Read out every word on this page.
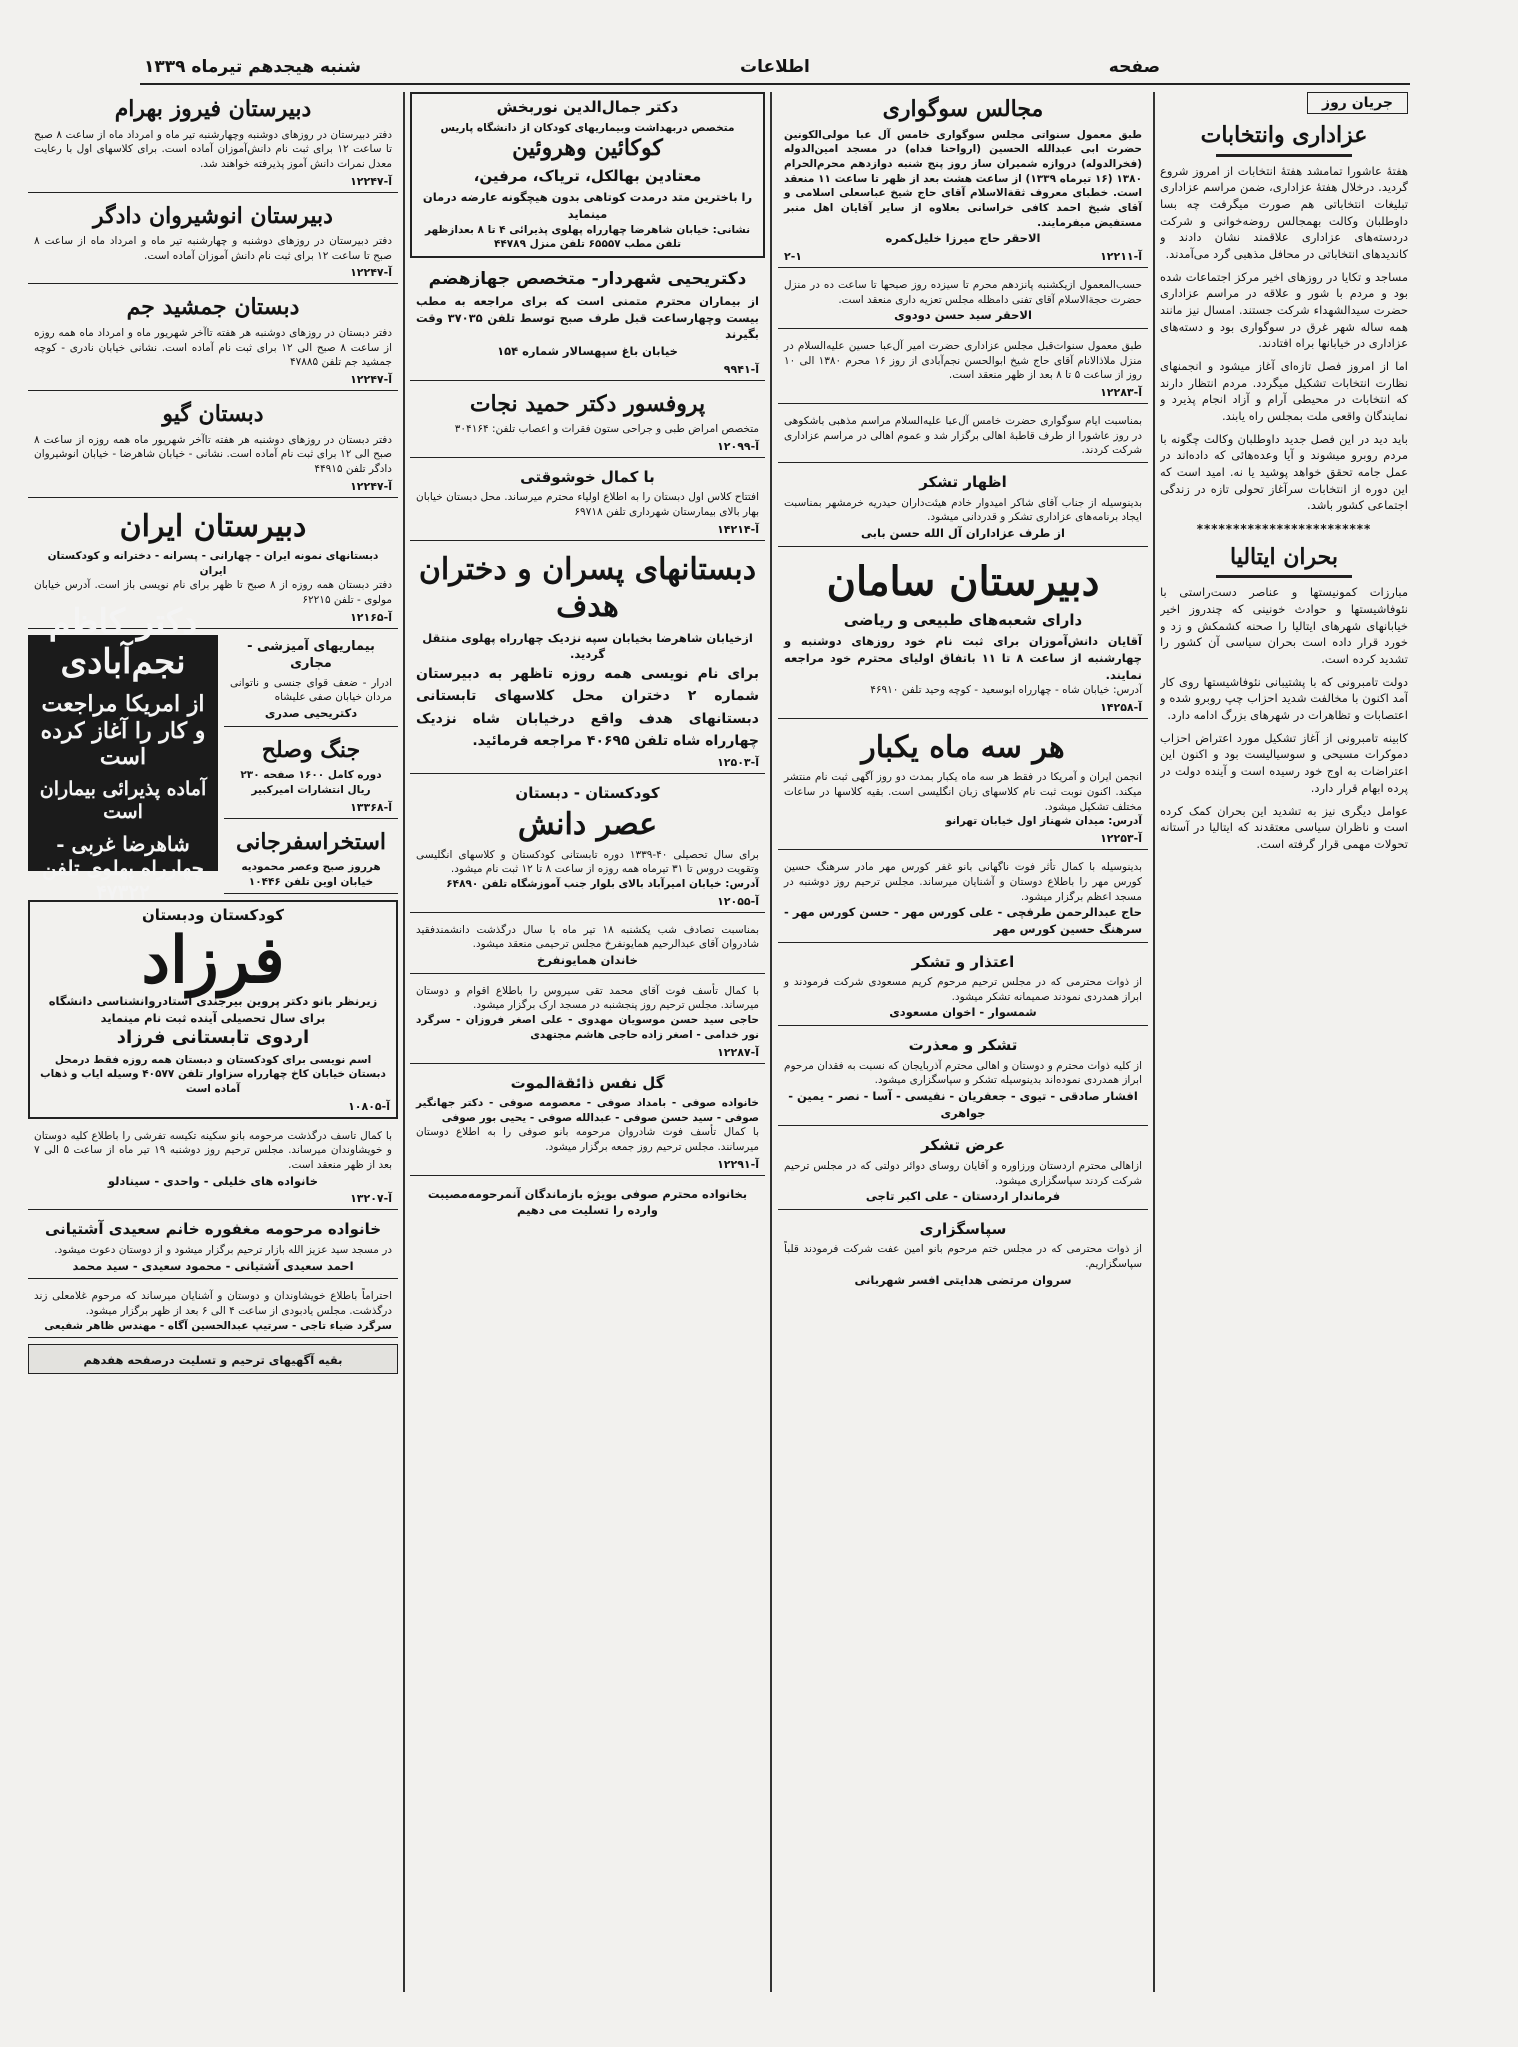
شنبه هیجدهم تیرماه ۱۳۳۹	اطلاعات	صفحه
جریان روز
عزاداری وانتخابات

هفتهٔ عاشورا تمامشد هفتهٔ انتخابات از امروز شروع گردید. درخلال هفتهٔ عزاداری، ضمن مراسم عزاداری تبلیغات انتخاباتی هم صورت میگرفت چه بسا داوطلبان وکالت بهمجالس روضه‌خوانی و شرکت دردسته‌های عزاداری علاقمند نشان دادند و کاندیدهای انتخاباتی در محافل مذهبی گرد می‌آمدند.

مساجد و تکایا در روزهای اخیر مرکز اجتماعات شده بود و مردم با شور و علاقه در مراسم عزاداری حضرت سیدالشهداء شرکت جستند. امسال نیز مانند همه ساله شهر غرق در سوگواری بود و دسته‌های عزاداری در خیابانها براه افتادند.

اما از امروز فصل تازه‌ای آغاز میشود و انجمنهای نظارت انتخابات تشکیل میگردد. مردم انتظار دارند که انتخابات در محیطی آرام و آزاد انجام پذیرد و نمایندگان واقعی ملت بمجلس راه یابند.

باید دید در این فصل جدید داوطلبان وکالت چگونه با مردم روبرو میشوند و آیا وعده‌هائی که داده‌اند در عمل جامه تحقق خواهد پوشید یا نه. امید است که این دوره از انتخابات سرآغاز تحولی تازه در زندگی اجتماعی کشور باشد.

************************
بحران ایتالیا

مبارزات کمونیستها و عناصر دست‌راستی با نئوفاشیستها و حوادث خونینی که چندروز اخیر خیابانهای شهرهای ایتالیا را صحنه کشمکش و زد و خورد قرار داده است بحران سیاسی آن کشور را تشدید کرده است.

دولت تامبرونی که با پشتیبانی نئوفاشیستها روی کار آمد اکنون با مخالفت شدید احزاب چپ روبرو شده و اعتصابات و تظاهرات در شهرهای بزرگ ادامه دارد.

کابینه تامبرونی از آغاز تشکیل مورد اعتراض احزاب دموکرات مسیحی و سوسیالیست بود و اکنون این اعتراضات به اوج خود رسیده است و آینده دولت در پرده ابهام قرار دارد.

عوامل دیگری نیز به تشدید این بحران کمک کرده است و ناظران سیاسی معتقدند که ایتالیا در آستانه تحولات مهمی قرار گرفته است.

مجالس سوگواری

طبق معمول سنواتی مجلس سوگواری خامس آل عبا مولی‌الکونین حضرت ابی عبدالله الحسین (ارواحنا فداه) در مسجد امین‌الدوله (فخرالدوله) دروازه شمیران ساز روز پنج شنبه دوازدهم محرم‌الحرام ۱۳۸۰ (۱۶ تیرماه ۱۳۳۹) از ساعت هشت بعد از ظهر تا ساعت ۱۱ منعقد است. خطبای معروف ثقةالاسلام آقای حاج شیخ عباسعلی اسلامی و آقای شیخ احمد کافی خراسانی بعلاوه از سایر آقایان اهل منبر مستفیض میفرمایند.

الاحقر حاج میرزا خلیل‌کمره
آ-۱۲۲۱۱
۲-۱

حسب‌المعمول ازیکشنبه پانزدهم محرم تا سیزده روز صبحها تا ساعت ده در منزل حضرت حجةالاسلام آقای تفنی دامظله مجلس تعزیه داری منعقد است.

الاحقر سید حسن دودوی

طبق معمول سنوات‌قبل مجلس عزاداری حضرت امیر آل‌عبا حسین علیه‌السلام در منزل ملاذالانام آقای حاج شیخ ابوالحسن نجم‌آبادی از روز ۱۶ محرم ۱۳۸۰ الی ۱۰ روز از ساعت ۵ تا ۸ بعد از ظهر منعقد است.

آ-۱۲۲۸۳

بمناسبت ایام سوگواری حضرت خامس آل‌عبا علیه‌السلام مراسم مذهبی باشکوهی در روز عاشورا از طرف قاطبهٔ اهالی برگزار شد و عموم اهالی در مراسم عزاداری شرکت کردند.

اظهار تشکر

بدینوسیله از جناب آقای شاکر امیدوار خادم هیئت‌داران حیدریه خرمشهر بمناسبت ایجاد برنامه‌های عزاداری تشکر و قدردانی میشود.

از طرف عزاداران آل الله حسن بابی
دبیرستان سامان
دارای شعبه‌های طبیعی و ریاضی

آقایان دانش‌آموزان برای ثبت نام خود روزهای دوشنبه و چهارشنبه از ساعت ۸ تا ۱۱ باتفاق اولیای محترم خود مراجعه نمایند.

آدرس: خیابان شاه - چهارراه ابوسعید - کوچه وحید تلفن ۴۶۹۱۰
آ-۱۴۲۵۸
هر سه ماه یکبار

انجمن ایران و آمریکا در فقط هر سه ماه یکبار بمدت دو روز آگهی ثبت نام منتشر میکند. اکنون نوبت ثبت نام کلاسهای زبان انگلیسی است. بقیه کلاسها در ساعات مختلف تشکیل میشود.

آدرس: میدان شهناز اول خیابان تهرانو
آ-۱۲۲۵۳

بدینوسیله با کمال تأثر فوت ناگهانی بانو غفر کورس مهر مادر سرهنگ حسین کورس مهر را باطلاع دوستان و آشنایان میرساند. مجلس ترحیم روز دوشنبه در مسجد اعظم برگزار میشود.

حاج عبدالرحمن طرفچی - علی کورس مهر - حسن کورس مهر - سرهنگ حسین کورس مهر
اعتذار و تشکر

از ذوات محترمی که در مجلس ترحیم مرحوم کریم مسعودی شرکت فرمودند و ابراز همدردی نمودند صمیمانه تشکر میشود.

شمسوار - اخوان مسعودی
تشکر و معذرت

از کلیه ذوات محترم و دوستان و اهالی محترم آذربایجان که نسبت به فقدان مرحوم ابراز همدردی نموده‌اند بدینوسیله تشکر و سپاسگزاری میشود.

افشار صادقی - تیوی - جعفریان - نفیسی - آسا - نصر - یمین - جواهری
عرض تشکر

ازاهالی محترم اردستان ورزاوره و آقایان روسای دوائر دولتی که در مجلس ترحیم شرکت کردند سپاسگزاری میشود.

فرماندار اردستان - علی اکبر تاجی
سپاسگزاری

از ذوات محترمی که در مجلس ختم مرحوم بانو امین عفت شرکت فرمودند قلباً سپاسگزاریم.

سروان مرتضی هدایتی افسر شهربانی
دکتر جمال‌الدین نوربخش
متخصص دربهداشت وبیماریهای کودکان از دانشگاه پاریس
کوکائین وهروئین
معتادین بهالکل، تریاک، مرفین،

را باخترین متد درمدت کوتاهی بدون هیچگونه عارضه درمان مینماید

نشانی: خیابان شاهرضا چهارراه پهلوی پذیرائی ۴ تا ۸ بعدازظهر تلفن مطب ۶۵۵۵۷ تلفن منزل ۴۴۷۸۹

دکتریحیی شهردار- متخصص جهازهضم

از بیماران محترم متمنی است که برای مراجعه به مطب بیست وچهارساعت قبل طرف صبح توسط تلفن ۳۷۰۳۵ وقت بگیرند

خیابان باغ سپهسالار شماره ۱۵۴
آ-۹۹۴۱
پروفسور دکتر حمید نجات

متخصص امراض طبی و جراحی ستون فقرات و اعصاب تلفن: ۳۰۴۱۶۴

آ-۱۲۰۹۹
با کمال خوشوقتی

افتتاح کلاس اول دبستان را به اطلاع اولیاء محترم میرساند. محل دبستان خیابان بهار بالای بیمارستان شهرداری تلفن ۶۹۷۱۸

آ-۱۴۲۱۴
دبستانهای پسران و دختران هدف

ازخیابان شاهرضا بخیابان سپه نزدیک چهارراه پهلوی منتقل گردید.

برای نام نویسی همه روزه تاظهر به دبیرستان شماره ۲ دختران محل کلاسهای تابستانی دبستانهای هدف واقع درخیابان شاه نزدیک چهارراه شاه تلفن ۴۰۶۹۵ مراجعه فرمائید.

آ-۱۲۵۰۳
کودکستان - دبستان
عصر دانش

برای سال تحصیلی ۴۰-۱۳۳۹ دوره تابستانی کودکستان و کلاسهای انگلیسی وتقویت دروس تا ۳۱ تیرماه همه روزه از ساعت ۸ تا ۱۲ ثبت نام میشود.

آدرس: خیابان امیرآباد بالای بلوار جنب آموزشگاه تلفن ۶۴۸۹۰
آ-۱۲۰۵۵

بمناسبت تصادف شب یکشنبه ۱۸ تیر ماه با سال درگذشت دانشمندفقید شادروان آقای عبدالرحیم همایونفرخ مجلس ترحیمی منعقد میشود.

خاندان همایونفرخ

با کمال تأسف فوت آقای محمد تقی سیروس را باطلاع اقوام و دوستان میرساند. مجلس ترحیم روز پنجشنبه در مسجد ارک برگزار میشود.

حاجی سید حسن موسویان مهدوی - علی اصغر فروزان - سرگرد نور خدامی - اصغر زاده حاجی هاشم مجتهدی
آ-۱۲۲۸۷
گل نفس ذائقة‌الموت
خانواده صوفی - بامداد صوفی - معصومه صوفی - دکتر جهانگیر صوفی - سید حسن صوفی - عبدالله صوفی - یحیی بور صوفی

با کمال تأسف فوت شادروان مرحومه بانو صوفی را به اطلاع دوستان میرسانند. مجلس ترحیم روز جمعه برگزار میشود.

آ-۱۲۲۹۱

بخانواده محترم صوفی بویژه بازماندگان آنمرحومه‌مصیبت وارده را تسلیت می دهیم

دبیرستان فیروز بهرام

دفتر دبیرستان در روزهای دوشنبه وچهارشنبه تیر ماه و امرداد ماه از ساعت ۸ صبح تا ساعت ۱۲ برای ثبت نام دانش‌آموزان آماده است. برای کلاسهای اول با رعایت معدل نمرات دانش آموز پذیرفته خواهند شد.

آ-۱۲۲۴۷
دبیرستان انوشیروان دادگر

دفتر دبیرستان در روزهای دوشنبه و چهارشنبه تیر ماه و امرداد ماه از ساعت ۸ صبح تا ساعت ۱۲ برای ثبت نام دانش آموزان آماده است.

آ-۱۲۲۴۷
دبستان جمشید جم

دفتر دبستان در روزهای دوشنبه هر هفته تاآخر شهریور ماه و امرداد ماه همه روزه از ساعت ۸ صبح الی ۱۲ برای ثبت نام آماده است. نشانی خیابان نادری - کوچه جمشید جم تلفن ۴۷۸۸۵

آ-۱۲۲۴۷
دبستان گیو

دفتر دبستان در روزهای دوشنبه هر هفته تاآخر شهریور ماه همه روزه از ساعت ۸ صبح الی ۱۲ برای ثبت نام آماده است. نشانی - خیابان شاهرضا - خیابان انوشیروان دادگر تلفن ۴۴۹۱۵

آ-۱۲۲۴۷
دبیرستان ایران
دبستانهای نمونه ایران - چهارانی - پسرانه - دخترانه و کودکستان ایران

دفتر دبستان همه روزه از ۸ صبح تا ظهر برای نام نویسی باز است. آدرس خیابان مولوی - تلفن ۶۲۲۱۵

آ-۱۲۱۶۵
بیماریهای آمیزشی - مجاری

ادرار - ضعف قوای جنسی و ناتوانی مردان خیابان صفی علیشاه

دکتریحیی صدری
جنگ وصلح

دوره کامل ۱۶۰۰ صفحه ۲۳۰ ریال انتشارات امیرکبیر

آ-۱۳۳۶۸
استخراسفرجانی

هرروز صبح وعصر محمودیه خیابان اوین تلفن ۱۰۴۴۶

دکتر کاظم نجم‌آبادی
از امریکا مراجعت و کار را آغاز کرده است
آماده پذیرائی بیماران است
شاهرضا غربی - چهارراه پهلوی تلفن ۴۷۳۲۲
کودکستان ودبستان
فرزاد

زیرنظر بانو دکتر پروین بیرجندی استادروانشناسی دانشگاه برای سال تحصیلی آینده ثبت نام مینماید

اردوی تابستانی فرزاد

اسم نویسی برای کودکستان و دبستان همه روزه فقط درمحل دبستان خیابان کاخ چهارراه سزاوار تلفن ۴۰۵۷۷ وسیله ایاب و ذهاب آماده است

آ-۱۰۸۰۵

با کمال تاسف درگذشت مرحومه بانو سکینه تکیسه تفرشی را باطلاع کلیه دوستان و خویشاوندان میرساند. مجلس ترحیم روز دوشنبه ۱۹ تیر ماه از ساعت ۵ الی ۷ بعد از ظهر منعقد است.

خانواده های خلیلی - واحدی - سینادلو
آ-۱۳۲۰۷
خانواده مرحومه مغفوره خانم سعیدی آشتیانی

در مسجد سید عزیز الله بازار ترحیم برگزار میشود و از دوستان دعوت میشود.

احمد سعیدی آشتیانی - محمود سعیدی - سید محمد

احتراماً باطلاع خویشاوندان و دوستان و آشنایان میرساند که مرحوم غلامعلی زند درگذشت. مجلس یادبودی از ساعت ۴ الی ۶ بعد از ظهر برگزار میشود.

سرگرد ضیاء تاجی - سرتیپ عبدالحسین آگاه - مهندس ظاهر شفیعی
بقیه آگهیهای ترحیم و تسلیت درصفحه هفدهم
